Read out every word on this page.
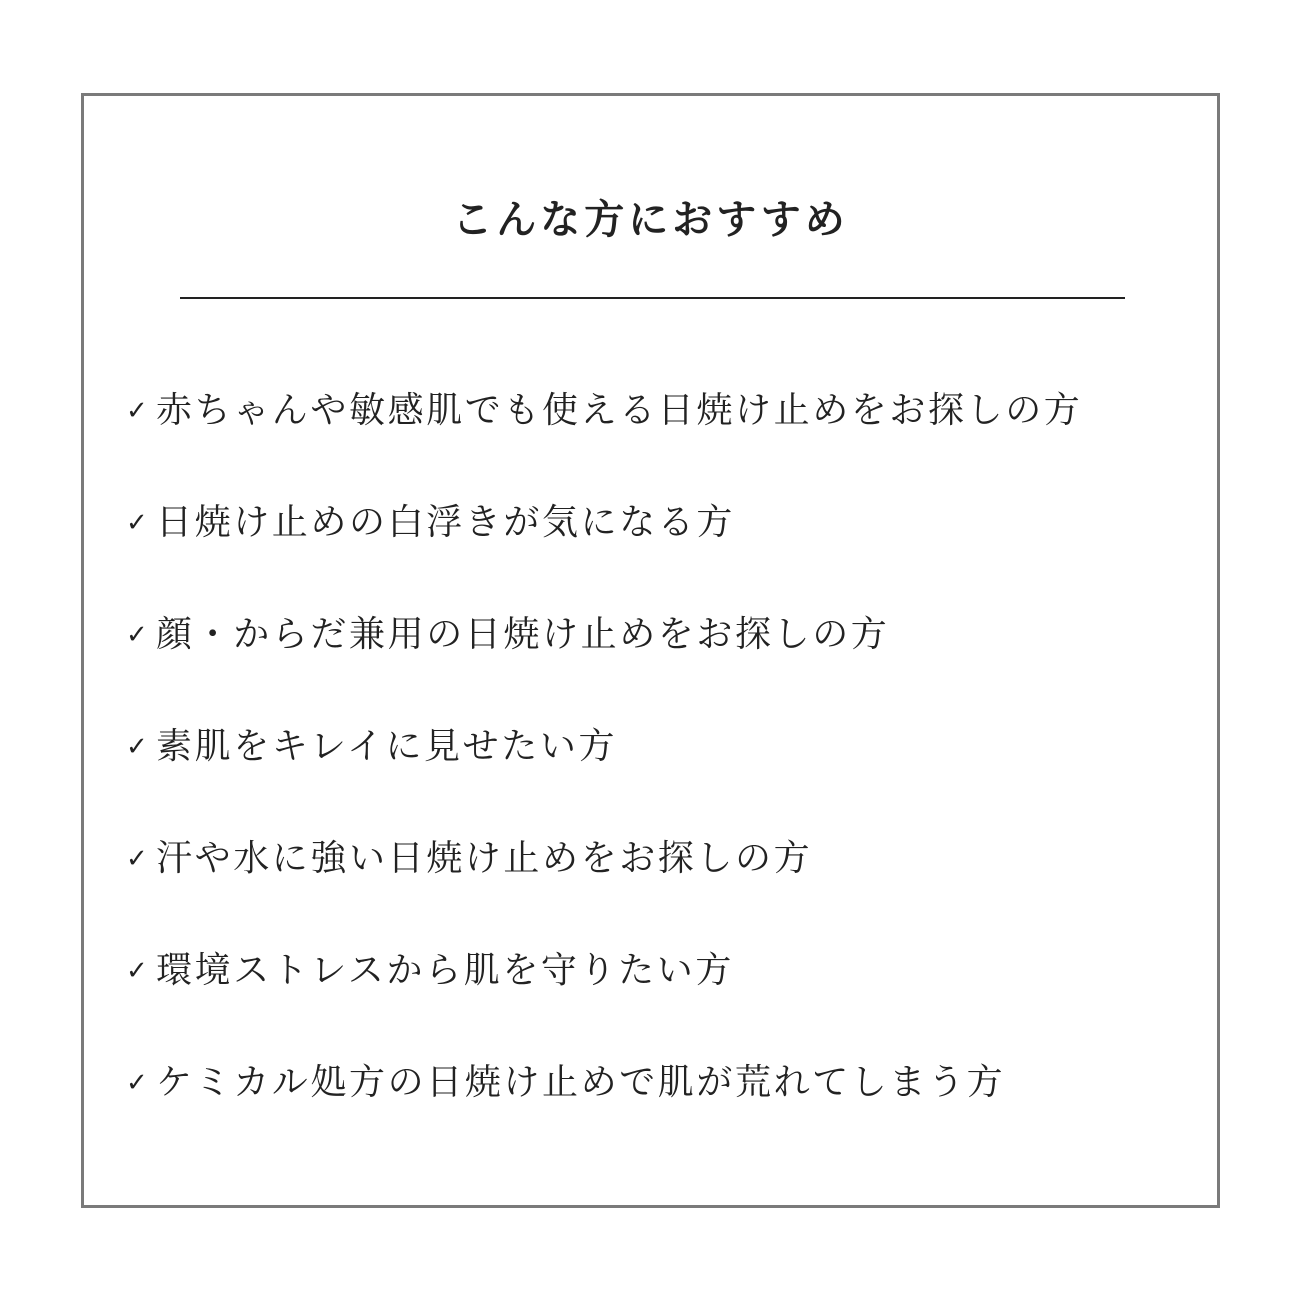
こんな方におすすめ
✓ 赤ちゃんや敏感肌でも使える日焼け止めをお探しの方
✓ 日焼け止めの白浮きが気になる方
✓ 顔・からだ兼用の日焼け止めをお探しの方
✓ 素肌をキレイに見せたい方
✓ 汗や水に強い日焼け止めをお探しの方
✓ 環境ストレスから肌を守りたい方
✓ ケミカル処方の日焼け止めで肌が荒れてしまう方
